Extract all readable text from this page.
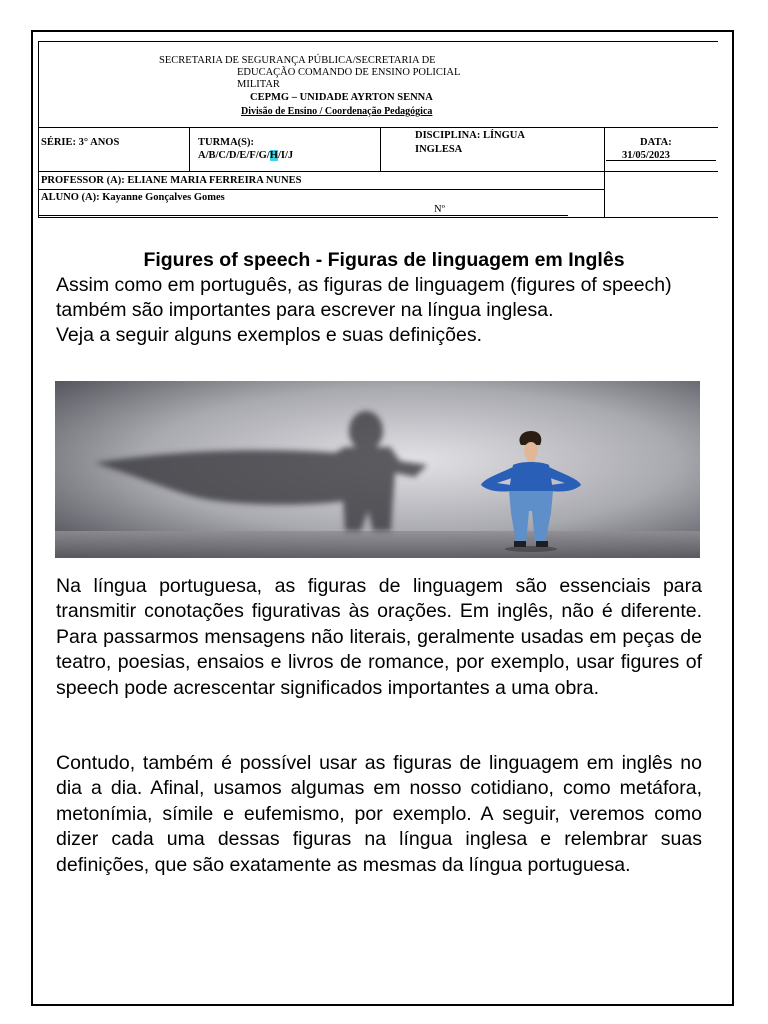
SECRETARIA DE SEGURANÇA PÚBLICA/SECRETARIA DE
EDUCAÇÃO COMANDO DE ENSINO POLICIAL
MILITAR
CEPMG – UNIDADE AYRTON SENNA
Divisão de Ensino / Coordenação Pedagógica
SÉRIE: 3° ANOS	TURMA(S):
A/B/C/D/E/F/G/H/I/J
DISCIPLINA: LÍNGUA
INGLESA
DATA:
31/05/2023
PROFESSOR (A): ELIANE MARIA FERREIRA NUNES
ALUNO (A): Kayanne Gonçalves Gomes
Nº
Figures of speech - Figuras de linguagem em Inglês

Assim como em português, as figuras de linguagem (figures of speech) também são importantes para escrever na língua inglesa.

Veja a seguir alguns exemplos e suas definições.

Na língua portuguesa, as figuras de linguagem são essenciais para transmitir conotações figurativas às orações. Em inglês, não é diferente. Para passarmos mensagens não literais, geralmente usadas em peças de teatro, poesias, ensaios e livros de romance, por exemplo, usar figures of speech pode acrescentar significados importantes a uma obra.

Contudo, também é possível usar as figuras de linguagem em inglês no dia a dia. Afinal, usamos algumas em nosso cotidiano, como metáfora, metonímia, símile e eufemismo, por exemplo. A seguir, veremos como dizer cada uma dessas figuras na língua inglesa e relembrar suas definições, que são exatamente as mesmas da língua portuguesa.
